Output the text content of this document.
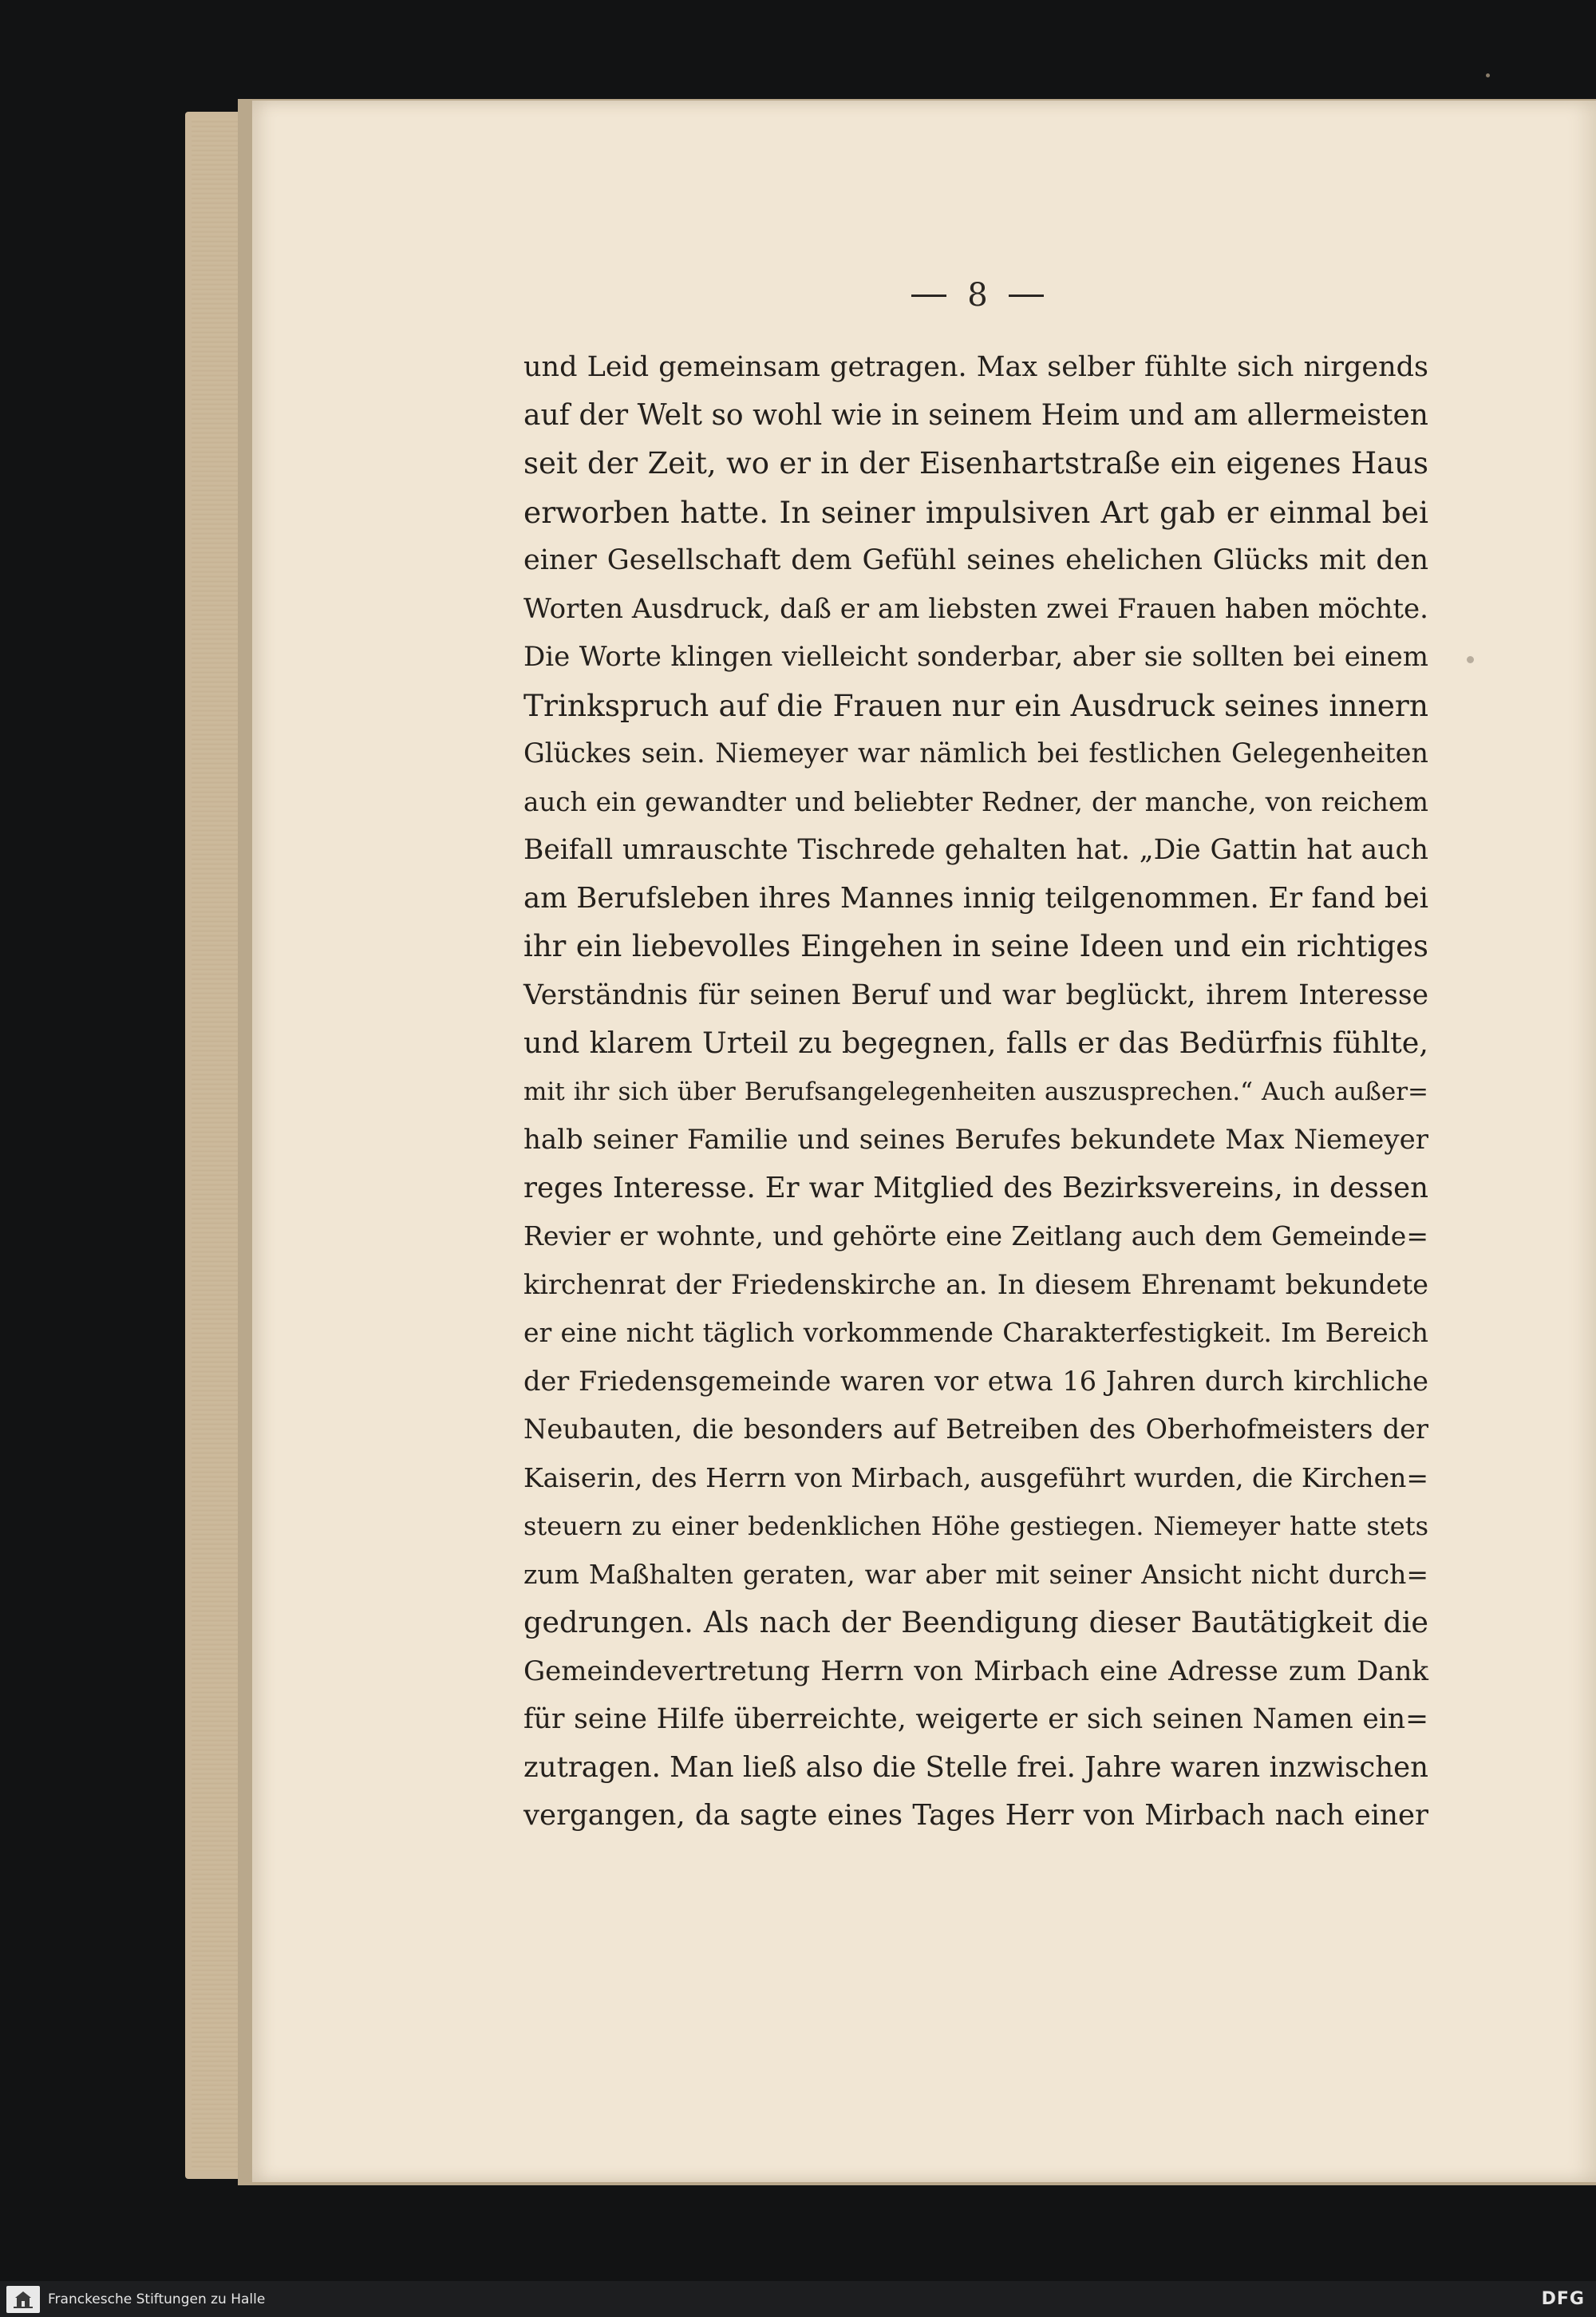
8
und Leid gemeinsam getragen. Max selber fühlte sich nirgends
auf der Welt so wohl wie in seinem Heim und am allermeisten
seit der Zeit, wo er in der Eisenhartstraße ein eigenes Haus
erworben hatte. In seiner impulsiven Art gab er einmal bei
einer Gesellschaft dem Gefühl seines ehelichen Glücks mit den
Worten Ausdruck, daß er am liebsten zwei Frauen haben möchte.
Die Worte klingen vielleicht sonderbar, aber sie sollten bei einem
Trinkspruch auf die Frauen nur ein Ausdruck seines innern
Glückes sein. Niemeyer war nämlich bei festlichen Gelegenheiten
auch ein gewandter und beliebter Redner, der manche, von reichem
Beifall umrauschte Tischrede gehalten hat. „Die Gattin hat auch
am Berufsleben ihres Mannes innig teilgenommen. Er fand bei
ihr ein liebevolles Eingehen in seine Ideen und ein richtiges
Verständnis für seinen Beruf und war beglückt, ihrem Interesse
und klarem Urteil zu begegnen, falls er das Bedürfnis fühlte,
mit ihr sich über Berufsangelegenheiten auszusprechen.“ Auch außer=
halb seiner Familie und seines Berufes bekundete Max Niemeyer
reges Interesse. Er war Mitglied des Bezirksvereins, in dessen
Revier er wohnte, und gehörte eine Zeitlang auch dem Gemeinde=
kirchenrat der Friedenskirche an. In diesem Ehrenamt bekundete
er eine nicht täglich vorkommende Charakterfestigkeit. Im Bereich
der Friedensgemeinde waren vor etwa 16 Jahren durch kirchliche
Neubauten, die besonders auf Betreiben des Oberhofmeisters der
Kaiserin, des Herrn von Mirbach, ausgeführt wurden, die Kirchen=
steuern zu einer bedenklichen Höhe gestiegen. Niemeyer hatte stets
zum Maßhalten geraten, war aber mit seiner Ansicht nicht durch=
gedrungen. Als nach der Beendigung dieser Bautätigkeit die
Gemeindevertretung Herrn von Mirbach eine Adresse zum Dank
für seine Hilfe überreichte, weigerte er sich seinen Namen ein=
zutragen. Man ließ also die Stelle frei. Jahre waren inzwischen
vergangen, da sagte eines Tages Herr von Mirbach nach einer
Franckesche Stiftungen zu Halle	DFG
